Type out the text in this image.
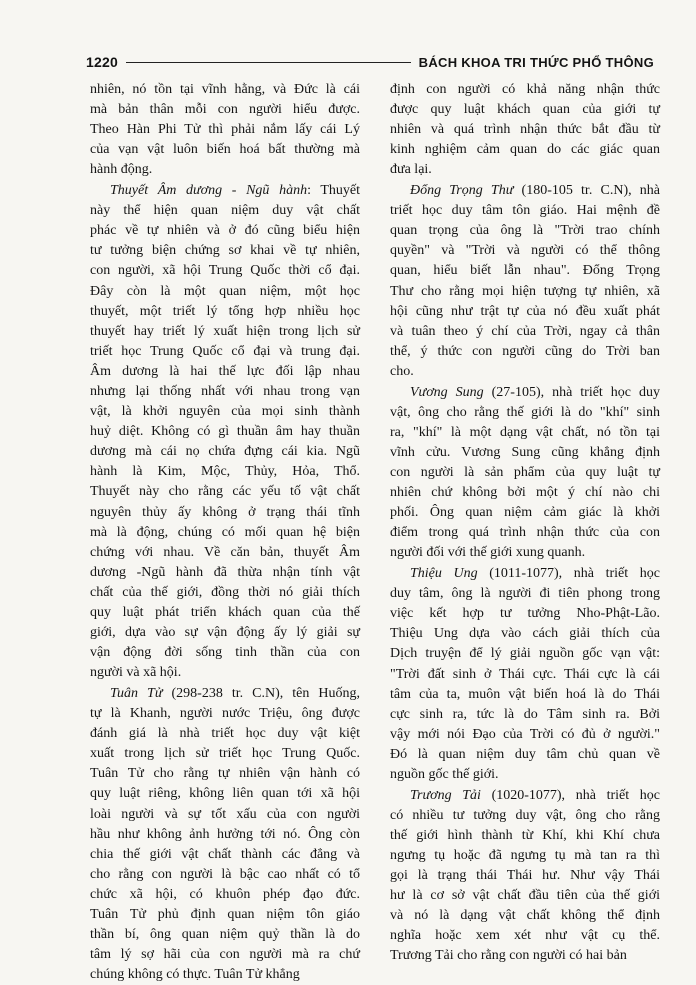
1220	BÁCH KHOA TRI THỨC PHỔ THÔNG

nhiên, nó tồn tại vĩnh hằng, và Đức là cái
mà bản thân mỗi con người hiểu được.
Theo Hàn Phi Tử thì phải nắm lấy cái Lý
của vạn vật luôn biến hoá bất thường mà
hành động.

Thuyết Âm dương - Ngũ hành: Thuyết
này thể hiện quan niệm duy vật chất
phác về tự nhiên và ở đó cũng biểu hiện
tư tưởng biện chứng sơ khai về tự nhiên,
con người, xã hội Trung Quốc thời cổ đại.
Đây còn là một quan niệm, một học
thuyết, một triết lý tổng hợp nhiều học
thuyết hay triết lý xuất hiện trong lịch sử
triết học Trung Quốc cổ đại và trung đại.
Âm dương là hai thế lực đối lập nhau
nhưng lại thống nhất với nhau trong vạn
vật, là khởi nguyên của mọi sinh thành
huỷ diệt. Không có gì thuần âm hay thuần
dương mà cái nọ chứa đựng cái kia. Ngũ
hành là Kim, Mộc, Thủy, Hỏa, Thổ.
Thuyết này cho rằng các yếu tố vật chất
nguyên thủy ấy không ở trạng thái tĩnh
mà là động, chúng có mối quan hệ biện
chứng với nhau. Về căn bản, thuyết Âm
dương -Ngũ hành đã thừa nhận tính vật
chất của thế giới, đồng thời nó giải thích
quy luật phát triển khách quan của thế
giới, dựa vào sự vận động ấy lý giải sự
vận động đời sống tinh thần của con
người và xã hội.

Tuân Tử (298-238 tr. C.N), tên Huống,
tự là Khanh, người nước Triệu, ông được
đánh giá là nhà triết học duy vật kiệt
xuất trong lịch sử triết học Trung Quốc.
Tuân Tử cho rằng tự nhiên vận hành có
quy luật riêng, không liên quan tới xã hội
loài người và sự tốt xấu của con người
hầu như không ảnh hưởng tới nó. Ông còn
chia thế giới vật chất thành các đẳng và
cho rằng con người là bậc cao nhất có tổ
chức xã hội, có khuôn phép đạo đức.
Tuân Tử phủ định quan niệm tôn giáo
thần bí, ông quan niệm quỷ thần là do
tâm lý sợ hãi của con người mà ra chứ
chúng không có thực. Tuân Tử khẳng

định con người có khả năng nhận thức
được quy luật khách quan của giới tự
nhiên và quá trình nhận thức bắt đầu từ
kinh nghiệm cảm quan do các giác quan
đưa lại.

Đổng Trọng Thư (180-105 tr. C.N), nhà
triết học duy tâm tôn giáo. Hai mệnh đề
quan trọng của ông là "Trời trao chính
quyền" và "Trời và người có thể thông
quan, hiểu biết lẫn nhau". Đổng Trọng
Thư cho rằng mọi hiện tượng tự nhiên, xã
hội cũng như trật tự của nó đều xuất phát
và tuân theo ý chí của Trời, ngay cả thân
thể, ý thức con người cũng do Trời ban
cho.

Vương Sung (27-105), nhà triết học duy
vật, ông cho rằng thế giới là do "khí" sinh
ra, "khí" là một dạng vật chất, nó tồn tại
vĩnh cửu. Vương Sung cũng khẳng định
con người là sản phẩm của quy luật tự
nhiên chứ không bởi một ý chí nào chi
phối. Ông quan niệm cảm giác là khởi
điểm trong quá trình nhận thức của con
người đối với thế giới xung quanh.

Thiệu Ung (1011-1077), nhà triết học
duy tâm, ông là người đi tiên phong trong
việc kết hợp tư tưởng Nho-Phật-Lão.
Thiệu Ung dựa vào cách giải thích của
Dịch truyện để lý giải nguồn gốc vạn vật:
"Trời đất sinh ở Thái cực. Thái cực là cái
tâm của ta, muôn vật biến hoá là do Thái
cực sinh ra, tức là do Tâm sinh ra. Bởi
vậy mới nói Đạo của Trời có đủ ở người."
Đó là quan niệm duy tâm chủ quan về
nguồn gốc thế giới.

Trương Tải (1020-1077), nhà triết học
có nhiều tư tưởng duy vật, ông cho rằng
thế giới hình thành từ Khí, khi Khí chưa
ngưng tụ hoặc đã ngưng tụ mà tan ra thì
gọi là trạng thái Thái hư. Như vậy Thái
hư là cơ sở vật chất đầu tiên của thế giới
và nó là dạng vật chất không thể định
nghĩa hoặc xem xét như vật cụ thể.
Trương Tải cho rằng con người có hai bản
